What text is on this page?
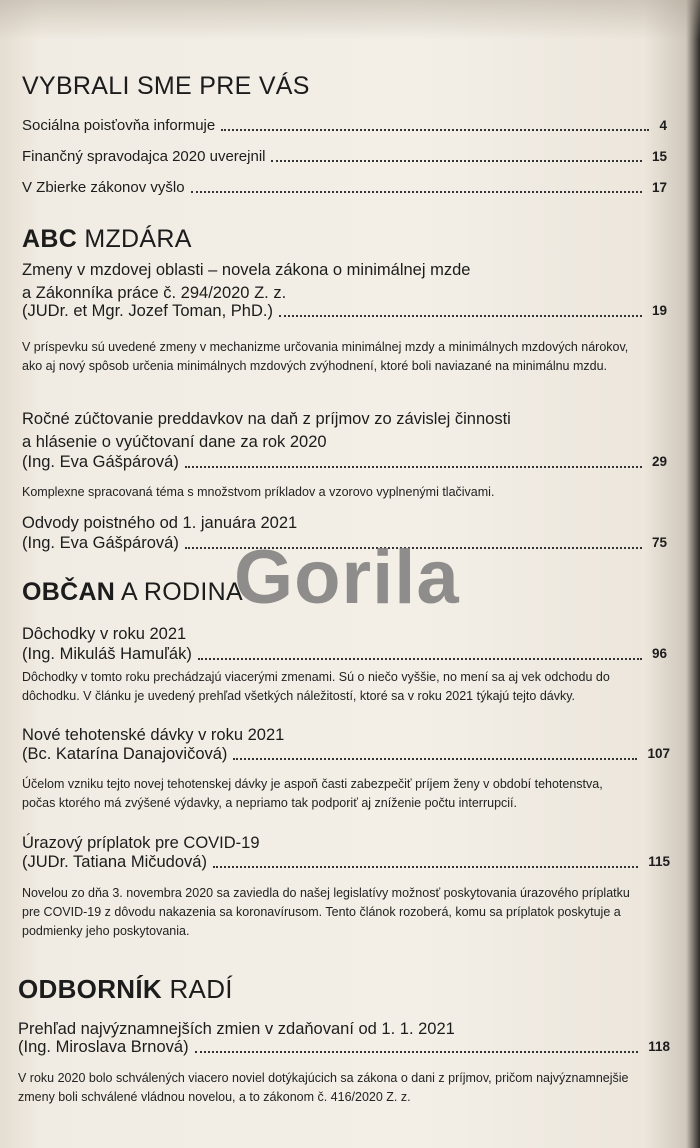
VYBRALI SME PRE VÁS
Sociálna poisťovňa informuje	4
Finančný spravodajca 2020 uverejnil	15
V Zbierke zákonov vyšlo	17
ABC MZDÁRA

Zmeny v mzdovej oblasti – novela zákona o minimálnej mzde

a Zákonníka práce č. 294/2020 Z. z.

(JUDr. et Mgr. Jozef Toman, PhD.)	19

V príspevku sú uvedené zmeny v mechanizme určovania minimálnej mzdy a minimálnych mzdových nárokov, ako aj nový spôsob určenia minimálnych mzdových zvýhodnení, ktoré boli naviazané na minimálnu mzdu.

Ročné zúčtovanie preddavkov na daň z príjmov zo závislej činnosti

a hlásenie o vyúčtovaní dane za rok 2020

(Ing. Eva Gášpárová)	29

Komplexne spracovaná téma s množstvom príkladov a vzorovo vyplnenými tlačivami.

Odvody poistného od 1. januára 2021

(Ing. Eva Gášpárová)	75
OBČAN A RODINA

Dôchodky v roku 2021

(Ing. Mikuláš Hamuľák)	96

Dôchodky v tomto roku prechádzajú viacerými zmenami. Sú o niečo vyššie, no mení sa aj vek odchodu do dôchodku. V článku je uvedený prehľad všetkých náležitostí, ktoré sa v roku 2021 týkajú tejto dávky.

Nové tehotenské dávky v roku 2021

(Bc. Katarína Danajovičová)	107

Účelom vzniku tejto novej tehotenskej dávky je aspoň časti zabezpečiť príjem ženy v období tehotenstva, počas ktorého má zvýšené výdavky, a nepriamo tak podporiť aj zníženie počtu interrupcií.

Úrazový príplatok pre COVID-19

(JUDr. Tatiana Mičudová)	115

Novelou zo dňa 3. novembra 2020 sa zaviedla do našej legislatívy možnosť poskytovania úrazového príplatku pre COVID-19 z dôvodu nakazenia sa koronavírusom. Tento článok rozoberá, komu sa príplatok poskytuje a podmienky jeho poskytovania.

ODBORNÍK RADÍ

Prehľad najvýznamnejších zmien v zdaňovaní od 1. 1. 2021

(Ing. Miroslava Brnová)	118

V roku 2020 bolo schválených viacero noviel dotýkajúcich sa zákona o dani z príjmov, pričom najvýznamnejšie zmeny boli schválené vládnou novelou, a to zákonom č. 416/2020 Z. z.

Gorila
